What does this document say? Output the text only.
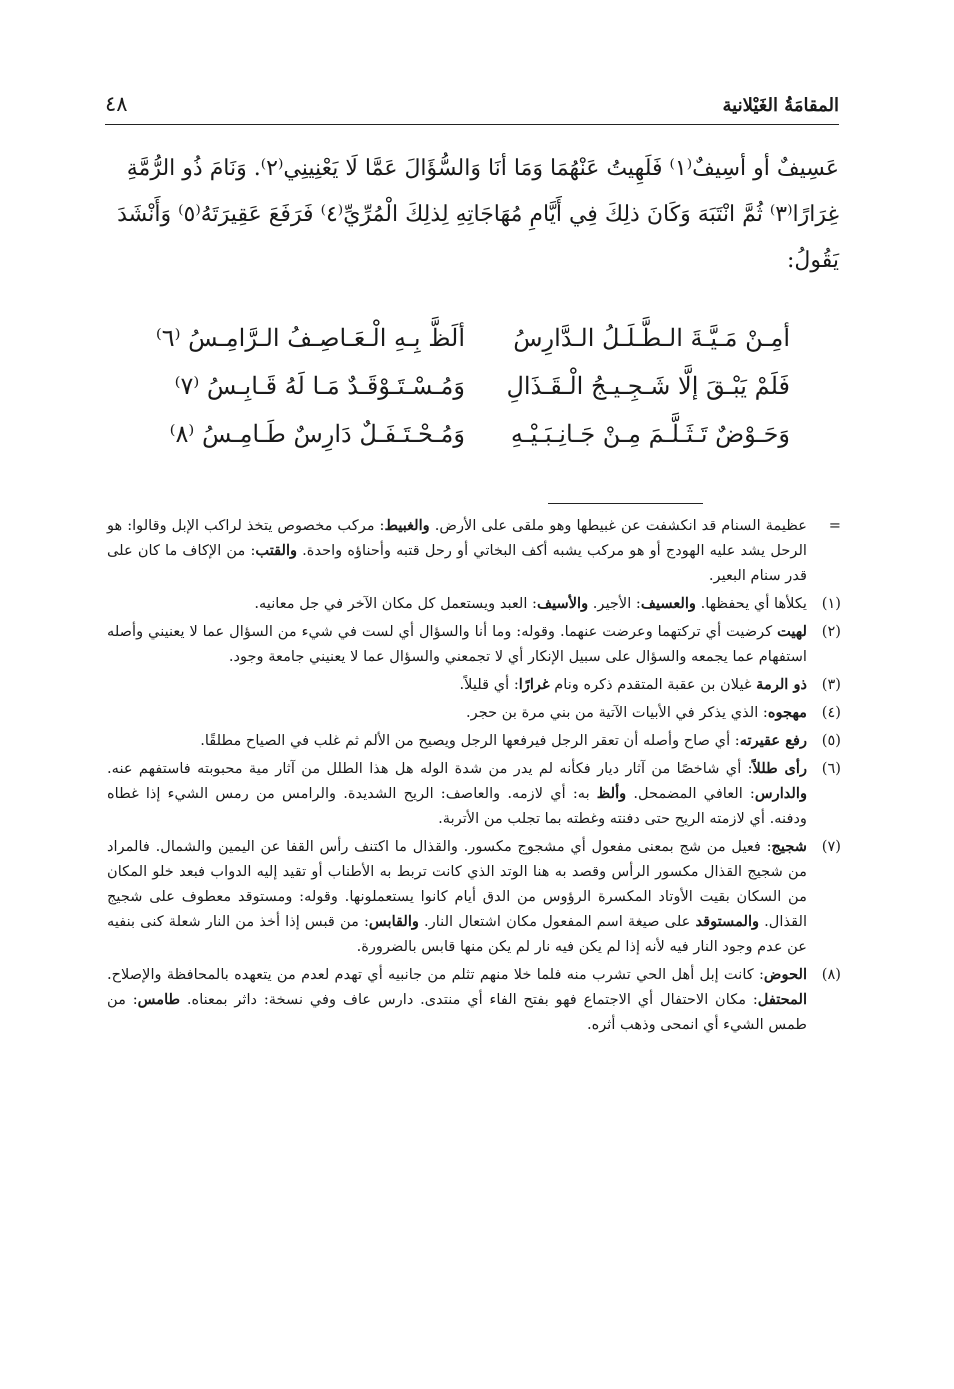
المقامَةُ الغَيْلانية
٤٨

عَسِيفٌ أو أسِيفٌ⁽١⁾ فَلَهِيتُ عَنْهُمَا وَمَا أنَا وَالسُّؤَالَ عَمَّا لَا يَعْنِينِي⁽٢⁾. وَنَامَ ذُو الرُّمَّةِ

غِرَارًا⁽٣⁾ ثُمَّ انْتَبَهَ وَكَانَ ذلِكَ فِي أَيَّامِ مُهَاجَاتِهِ لِذلِكَ الْمُرِّيِّ⁽٤⁾ فَرَفَعَ عَقِيرَتَهُ⁽٥⁾ وَأَنْشَدَ

يَقُولُ:

أمِـنْ مَـيَّـةَ الـطَّـلَـلُ الـدَّارِسُ
ألَظَّ بِـهِ الْـعَـاصِـفُ الـرَّامِـسُ ⁽٦⁾
فَلَمْ يَبْـقَ إلَّا شَـجِـيـجُ الْـقَـذَالِ
وَمُـسْـتَـوْقَـدٌ مَـا لَهُ قَـابِـسُ ⁽٧⁾
وَحَـوْضٌ تَـثَـلَّـمَ مِـنْ جَـانِـبَـيْـهِ
وَمُـحْـتَـفَـلٌ دَارِسٌ طَـامِـسُ ⁽٨⁾
=
عظيمة السنام قد انكشفت عن غبيطها وهو ملقى على الأرض. والغبيط: مركب مخصوص يتخذ لراكب الإبل وقالوا: هو الرحل يشد عليه الهودج أو هو مركب يشبه أكف البخاتي أو رحل قتبه وأحناؤه واحدة. والقتب: من الإكاف ما كان على قدر سنام البعير.
(١)
يكلأها أي يحفظها. والعسيف: الأجير. والأسيف: العبد ويستعمل كل مكان الآخر في جل معانيه.
(٢)
لهيت كرضيت أي تركتهما وعرضت عنهما. وقوله: وما أنا والسؤال أي لست في شيء من السؤال عما لا يعنيني وأصله استفهام عما يجمعه والسؤال على سبيل الإنكار أي لا تجمعني والسؤال عما لا يعنيني جامعة وجود.
(٣)
ذو الرمة غيلان بن عقبة المتقدم ذكره ونام غرارًا: أي قليلاً.
(٤)
مهجوه: الذي يذكر في الأبيات الآتية من بني مرة بن حجر.
(٥)
رفع عقيرته: أي صاح وأصله أن تعقر الرجل فيرفعها الرجل ويصيح من الألم ثم غلب في الصياح مطلقًا.
(٦)
رأى طللاً: أي شاخصًا من آثار ديار فكأنه لم يدر من شدة الوله هل هذا الطلل من آثار مية محبوبته فاستفهم عنه. والدارس: العافي المضمحل. وألظ به: أي لازمه. والعاصف: الريح الشديدة. والرامس من رمس الشيء إذا غطاه ودفنه. أي لازمته الريح حتى دفنته وغطته بما تجلب من الأتربة.
(٧)
شجيج: فعيل من شج بمعنى مفعول أي مشجوج مكسور. والقذال ما اكتنف رأس القفا عن اليمين والشمال. فالمراد من شجيج القذال مكسور الرأس وقصد به هنا الوتد الذي كانت تربط به الأطناب أو تقيد إليه الدواب فبعد خلو المكان من السكان بقيت الأوتاد المكسرة الرؤوس من الدق أيام كانوا يستعملونها. وقوله: ومستوقد معطوف على شجيج القذال. والمستوقد على صيغة اسم المفعول مكان اشتعال النار. والقابس: من قبس إذا أخذ من النار شعلة كنى بنفيه عن عدم وجود النار فيه لأنه إذا لم يكن فيه نار لم يكن منها قابس بالضرورة.
(٨)
الحوض: كانت إبل أهل الحي تشرب منه فلما خلا منهم تثلم من جانبيه أي تهدم لعدم من يتعهده بالمحافظة والإصلاح. المحتفل: مكان الاحتفال أي الاجتماع فهو بفتح الفاء أي منتدى. دارس عاف وفي نسخة: داثر بمعناه. طامس: من طمس الشيء أي انمحى وذهب أثره.
